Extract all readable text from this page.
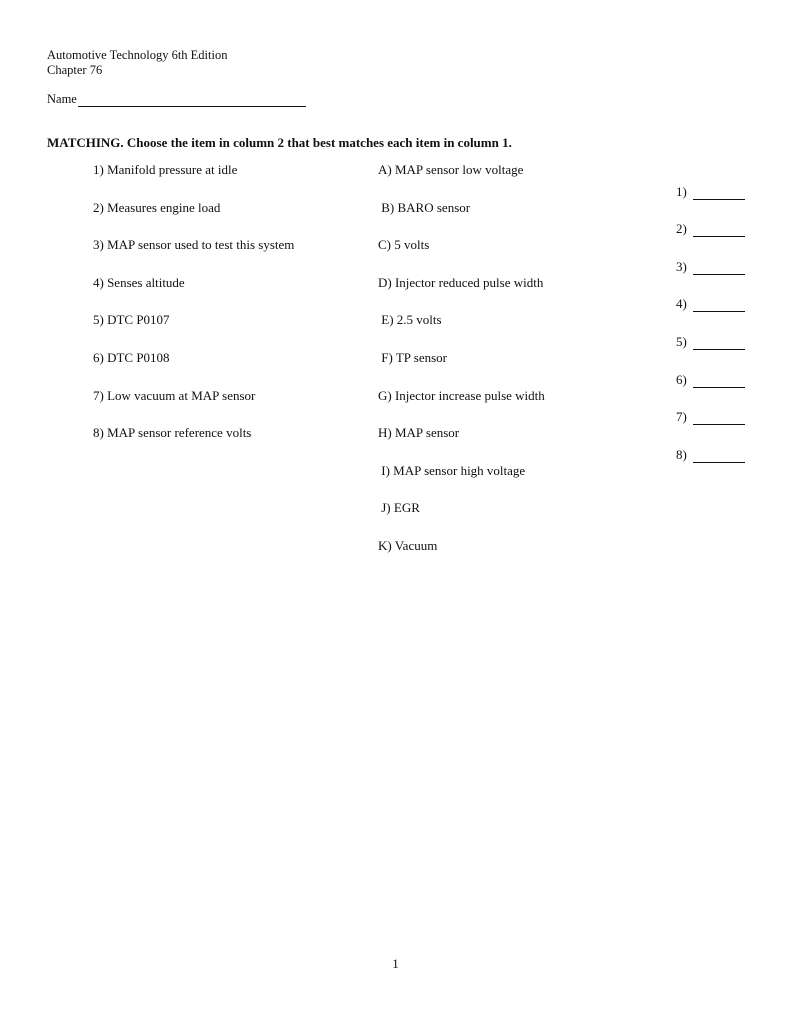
Automotive Technology 6th Edition
Chapter 76
Name
MATCHING. Choose the item in column 2 that best matches each item in column 1.
1) Manifold pressure at idle
2) Measures engine load
3) MAP sensor used to test this system
4) Senses altitude
5) DTC P0107
6) DTC P0108
7) Low vacuum at MAP sensor
8) MAP sensor reference volts
A) MAP sensor low voltage
B) BARO sensor
C) 5 volts
D) Injector reduced pulse width
E) 2.5 volts
F) TP sensor
G) Injector increase pulse width
H) MAP sensor
I) MAP sensor high voltage
J) EGR
K) Vacuum
1)
2)
3)
4)
5)
6)
7)
8)
1
